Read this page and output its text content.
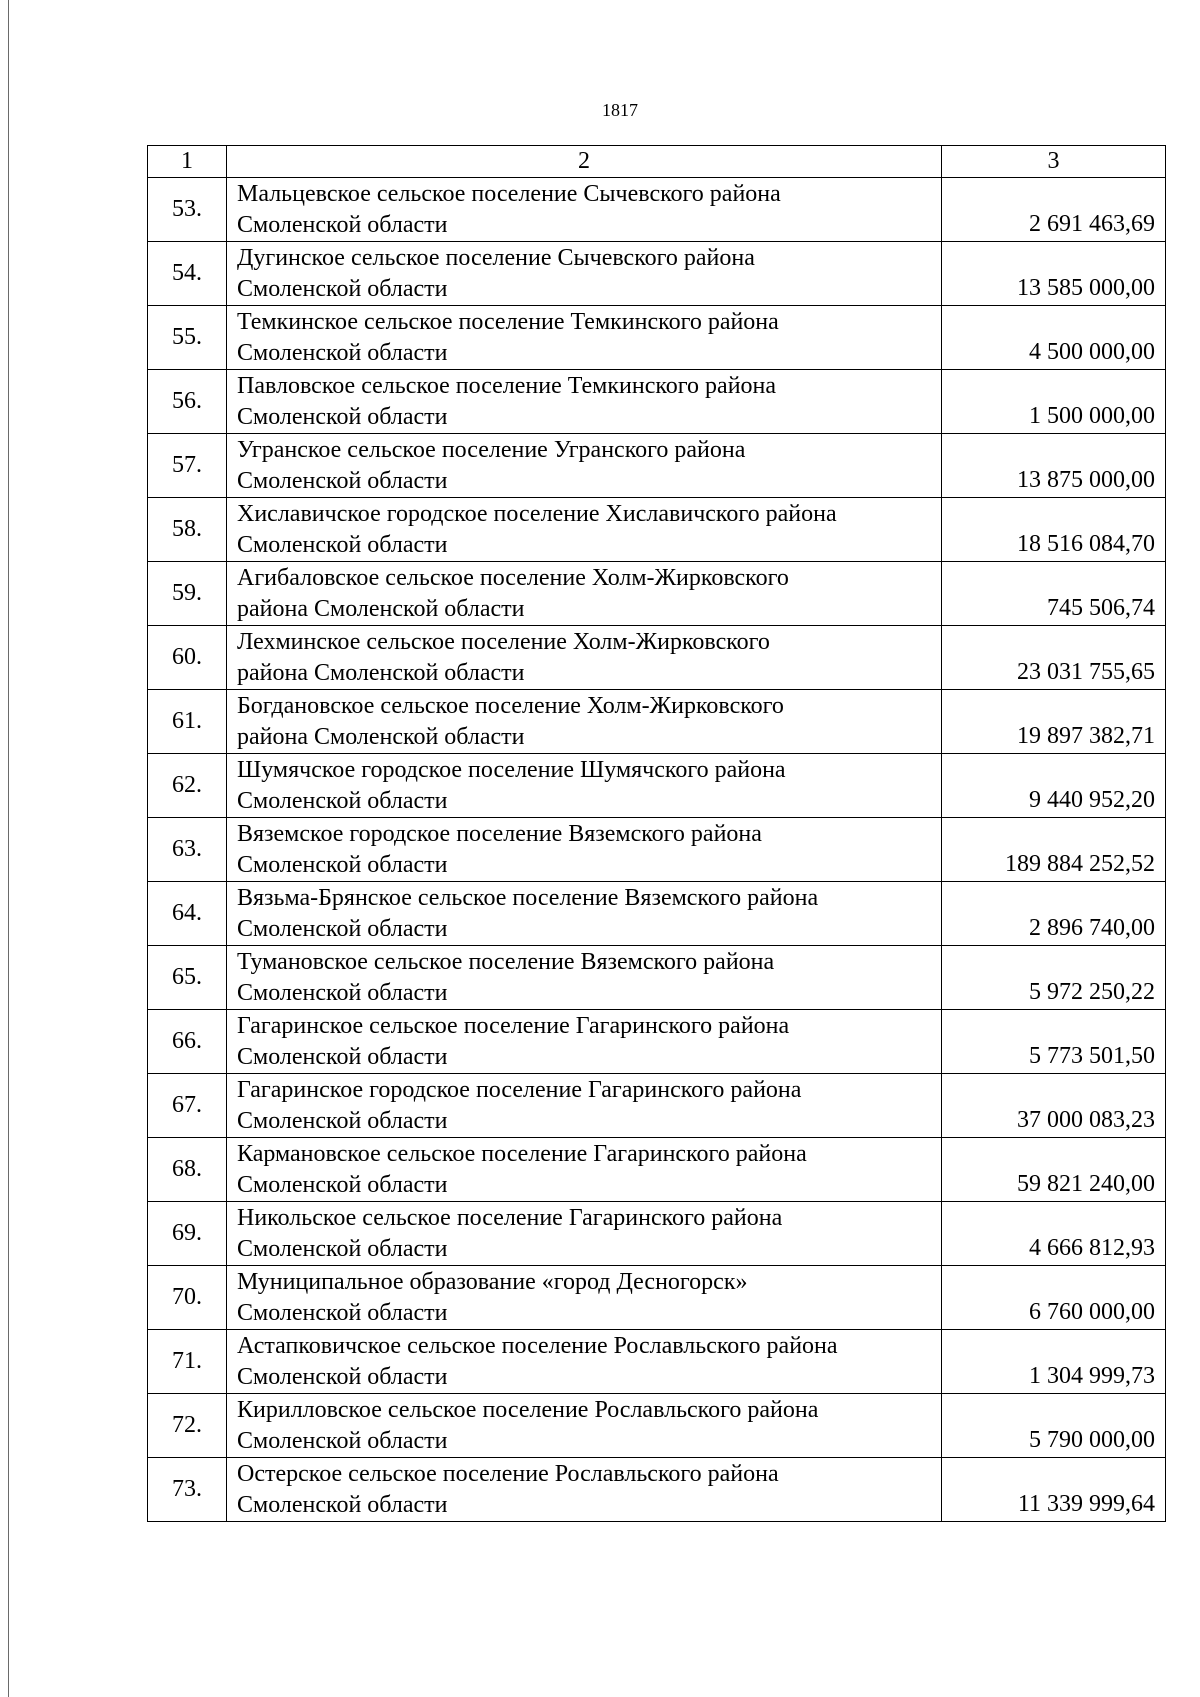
1817
1	2	3
53.	Мальцевское сельское поселение Сычевского района
Смоленской области	2 691 463,69
54.	Дугинское сельское поселение Сычевского района
Смоленской области	13 585 000,00
55.	Темкинское сельское поселение Темкинского района
Смоленской области	4 500 000,00
56.	Павловское сельское поселение Темкинского района
Смоленской области	1 500 000,00
57.	Угранское сельское поселение Угранского района
Смоленской области	13 875 000,00
58.	Хиславичское городское поселение Хиславичского района
Смоленской области	18 516 084,70
59.	Агибаловское сельское поселение Холм-Жирковского
района Смоленской области	745 506,74
60.	Лехминское сельское поселение Холм-Жирковского
района Смоленской области	23 031 755,65
61.	Богдановское сельское поселение Холм-Жирковского
района Смоленской области	19 897 382,71
62.	Шумячское городское поселение Шумячского района
Смоленской области	9 440 952,20
63.	Вяземское городское поселение Вяземского района
Смоленской области	189 884 252,52
64.	Вязьма-Брянское сельское поселение Вяземского района
Смоленской области	2 896 740,00
65.	Тумановское сельское поселение Вяземского района
Смоленской области	5 972 250,22
66.	Гагаринское сельское поселение Гагаринского района
Смоленской области	5 773 501,50
67.	Гагаринское городское поселение Гагаринского района
Смоленской области	37 000 083,23
68.	Кармановское сельское поселение Гагаринского района
Смоленской области	59 821 240,00
69.	Никольское сельское поселение Гагаринского района
Смоленской области	4 666 812,93
70.	Муниципальное образование «город Десногорск»
Смоленской области	6 760 000,00
71.	Астапковичское сельское поселение Рославльского района
Смоленской области	1 304 999,73
72.	Кирилловское сельское поселение Рославльского района
Смоленской области	5 790 000,00
73.	Остерское сельское поселение Рославльского района
Смоленской области	11 339 999,64
